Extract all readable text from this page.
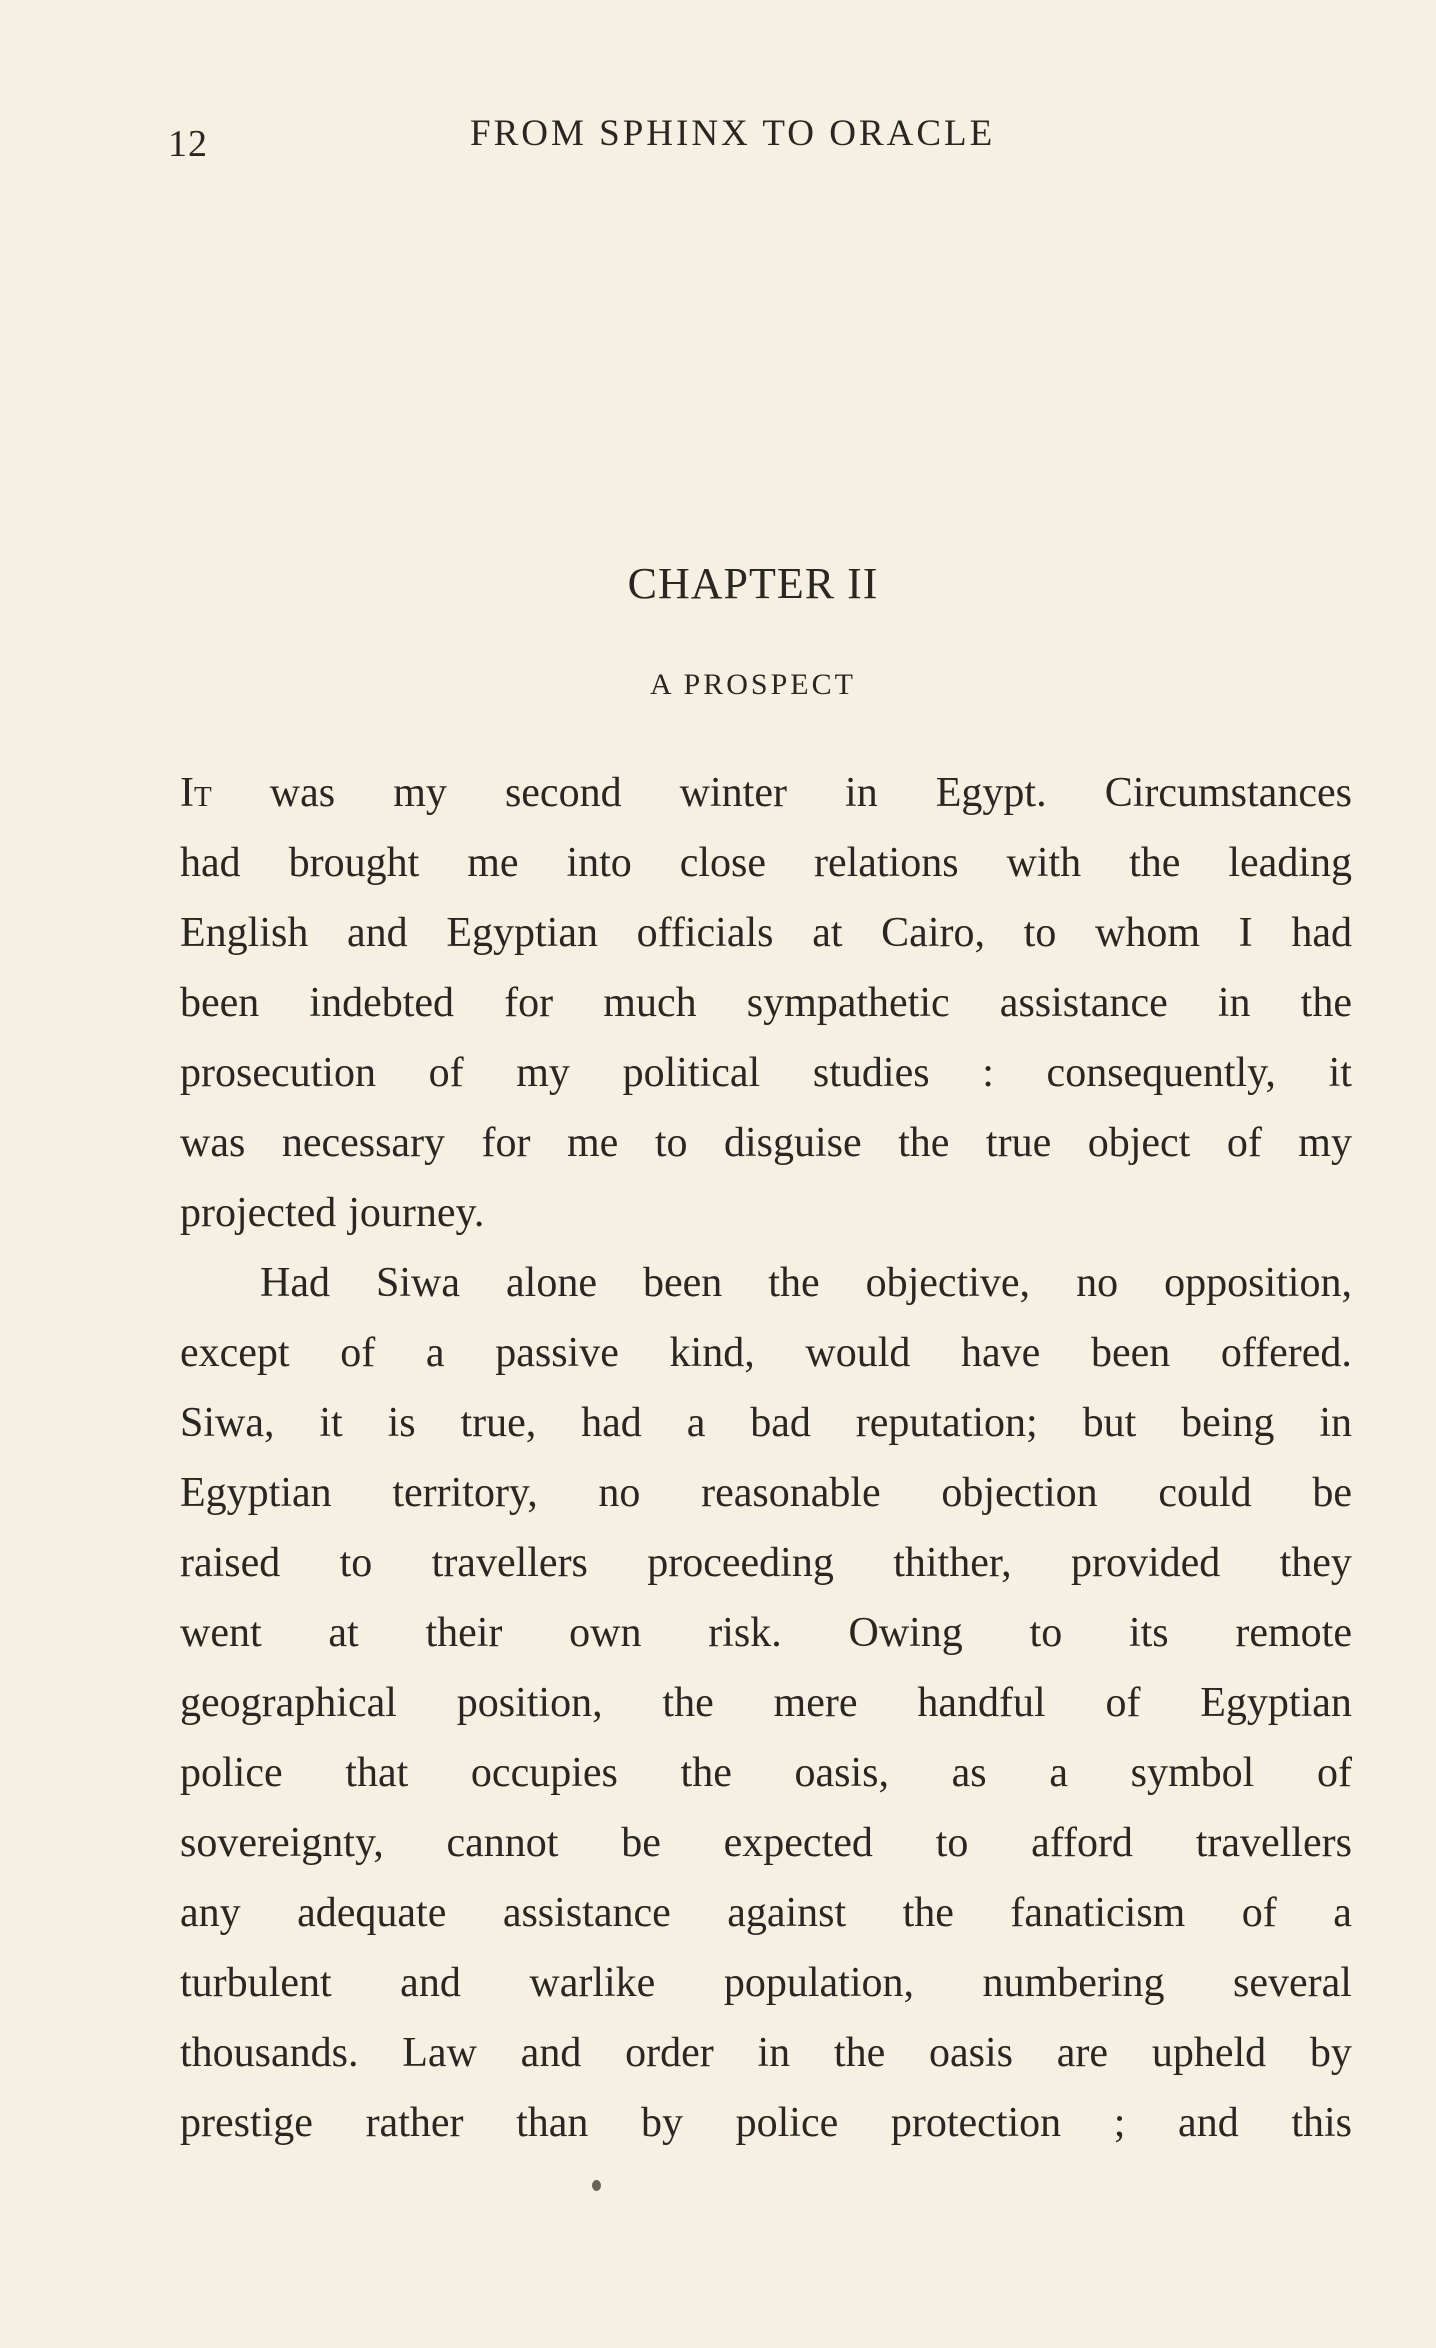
12	FROM SPHINX TO ORACLE
CHAPTER II
A PROSPECT
It was my second winter in Egypt. Circumstances
had brought me into close relations with the leading
English and Egyptian officials at Cairo, to whom I had
been indebted for much sympathetic assistance in the
prosecution of my political studies : consequently, it
was necessary for me to disguise the true object of my
projected journey.
Had Siwa alone been the objective, no opposition,
except of a passive kind, would have been offered.
Siwa, it is true, had a bad reputation; but being in
Egyptian territory, no reasonable objection could be
raised to travellers proceeding thither, provided they
went at their own risk. Owing to its remote
geographical position, the mere handful of Egyptian
police that occupies the oasis, as a symbol of
sovereignty, cannot be expected to afford travellers
any adequate assistance against the fanaticism of a
turbulent and warlike population, numbering several
thousands. Law and order in the oasis are upheld by
prestige rather than by police protection ; and this
